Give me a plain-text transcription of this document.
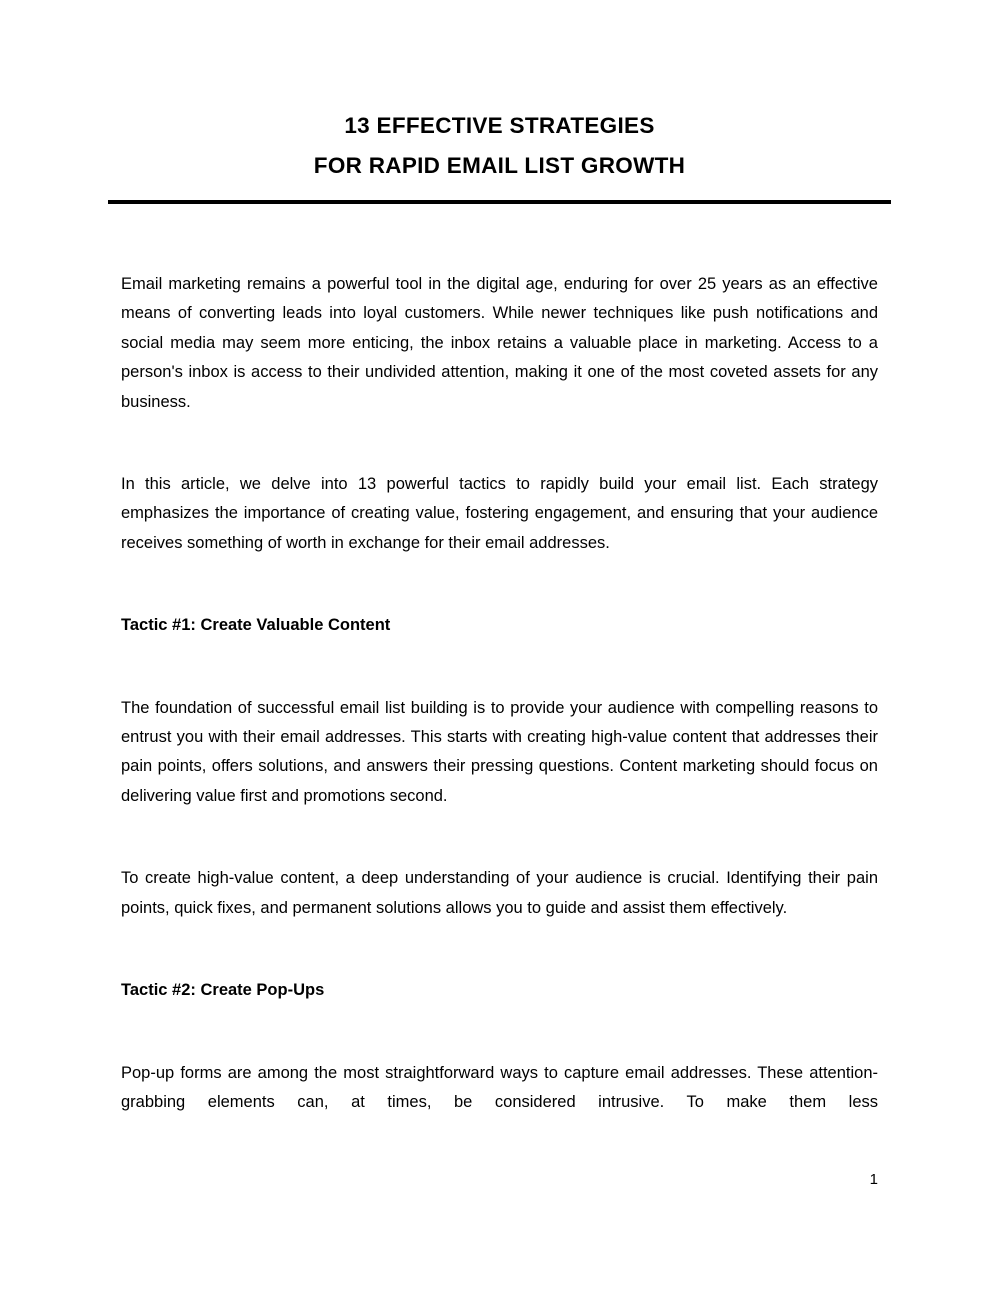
13 EFFECTIVE STRATEGIES
FOR RAPID EMAIL LIST GROWTH

Email marketing remains a powerful tool in the digital age, enduring for over 25 years as an effective means of converting leads into loyal customers. While newer techniques like push notifications and social media may seem more enticing, the inbox retains a valuable place in marketing. Access to a person's inbox is access to their undivided attention, making it one of the most coveted assets for any business.

In this article, we delve into 13 powerful tactics to rapidly build your email list. Each strategy emphasizes the importance of creating value, fostering engagement, and ensuring that your audience receives something of worth in exchange for their email addresses.

Tactic #1: Create Valuable Content

The foundation of successful email list building is to provide your audience with compelling reasons to entrust you with their email addresses. This starts with creating high-value content that addresses their pain points, offers solutions, and answers their pressing questions. Content marketing should focus on delivering value first and promotions second.

To create high-value content, a deep understanding of your audience is crucial. Identifying their pain points, quick fixes, and permanent solutions allows you to guide and assist them effectively.

Tactic #2: Create Pop-Ups

Pop-up forms are among the most straightforward ways to capture email addresses. These attention-grabbing elements can, at times, be considered intrusive. To make them less

1
